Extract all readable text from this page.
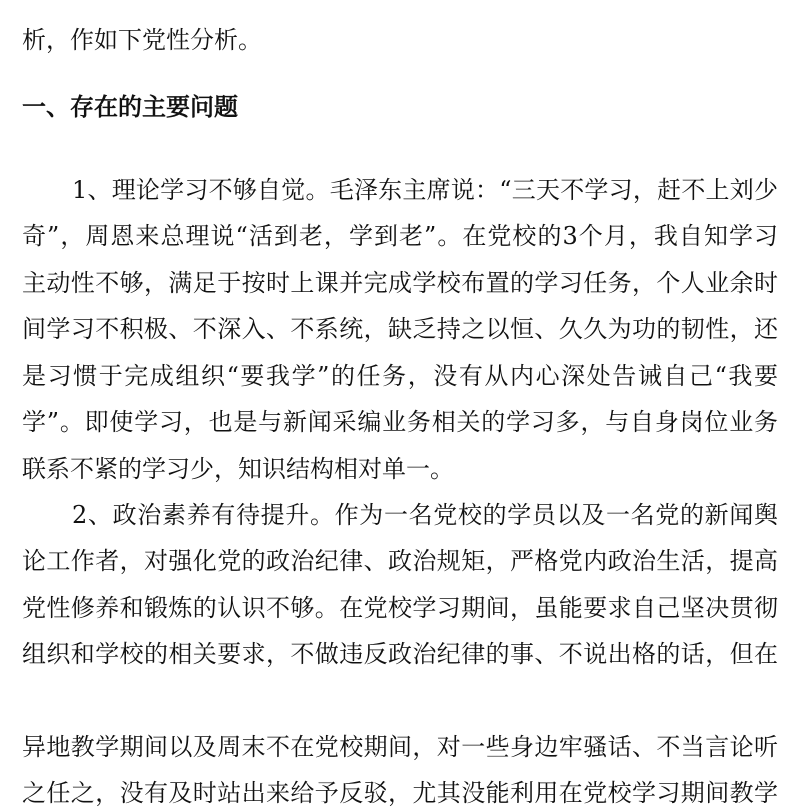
析，作如下党性分析。
一、存在的主要问题
1、理论学习不够自觉。毛泽东主席说：“三天不学习，赶不上刘少
奇”，周恩来总理说“活到老，学到老”。在党校的3个月，我自知学习
主动性不够，满足于按时上课并完成学校布置的学习任务，个人业余时
间学习不积极、不深入、不系统，缺乏持之以恒、久久为功的韧性，还
是习惯于完成组织“要我学”的任务，没有从内心深处告诫自己“我要
学”。即使学习，也是与新闻采编业务相关的学习多，与自身岗位业务
联系不紧的学习少，知识结构相对单一。
2、政治素养有待提升。作为一名党校的学员以及一名党的新闻舆
论工作者，对强化党的政治纪律、政治规矩，严格党内政治生活，提高
党性修养和锻炼的认识不够。在党校学习期间，虽能要求自己坚决贯彻
组织和学校的相关要求，不做违反政治纪律的事、不说出格的话，但在
异地教学期间以及周末不在党校期间，对一些身边牢骚话、不当言论听
之任之，没有及时站出来给予反驳，尤其没能利用在党校学习期间教学
